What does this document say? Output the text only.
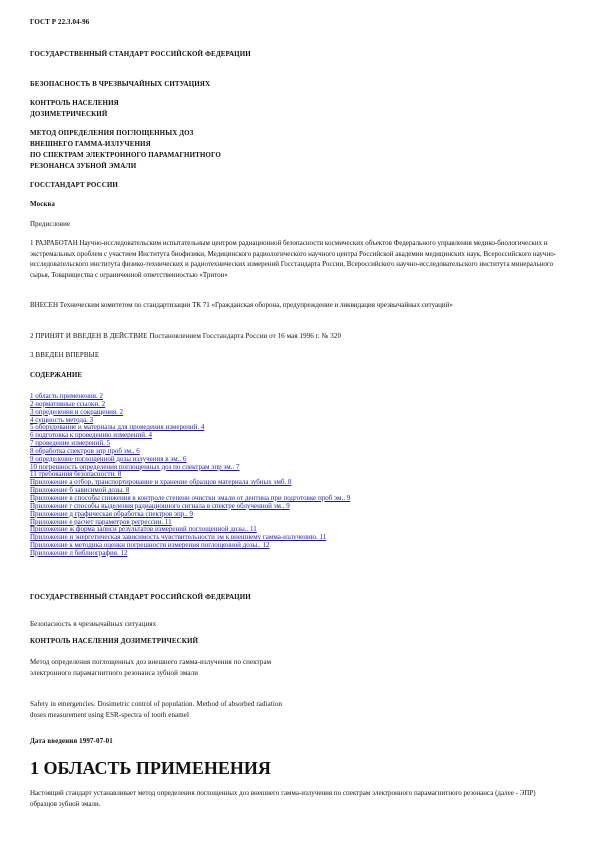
ГОСТ Р 22.3.04-96
ГОСУДАРСТВЕННЫЙ СТАНДАРТ РОССИЙСКОЙ ФЕДЕРАЦИИ
БЕЗОПАСНОСТЬ В ЧРЕЗВЫЧАЙНЫХ СИТУАЦИЯХ
КОНТРОЛЬ НАСЕЛЕНИЯ
ДОЗИМЕТРИЧЕСКИЙ
МЕТОД ОПРЕДЕЛЕНИЯ ПОГЛОЩЕННЫХ ДОЗ
ВНЕШНЕГО ГАММА-ИЗЛУЧЕНИЯ
ПО СПЕКТРАМ ЭЛЕКТРОННОГО ПАРАМАГНИТНОГО
РЕЗОНАНСА ЗУБНОЙ ЭМАЛИ
ГОССТАНДАРТ РОССИИ
Москва
Предисловие
1 РАЗРАБОТАН Научно-исследовательским испытательным центром радиационной безопасности космических объектов Федерального управления медико-биологических и экстремальных проблем с участием Института биофизики, Медицинского радиологического научного центра Российской академии медицинских наук, Всероссийского научно-исследовательского института физико-технических и радиотехнических измерений Госстандарта России, Всероссийского научно-исследовательского института минерального сырья, Товарищества с ограниченной ответственностью «Тритон»
ВНЕСЕН Техническим комитетом по стандартизации ТК 71 «Гражданская оборона, предупреждение и ликвидация чрезвычайных ситуаций»
2 ПРИНЯТ И ВВЕДЕН В ДЕЙСТВИЕ Постановлением Госстандарта России от 16 мая 1996 г. № 320
3 ВВЕДЕН ВПЕРВЫЕ
СОДЕРЖАНИЕ
1 область применения. 2
2 нормативные ссылки. 2
3 определения и сокращения. 2
4 сущность метода. 3
5 оборудование и материалы для проведения измерений. 4
6 подготовка к проведению измерений. 4
7 проведение измерений. 5
8 обработка спектров эпр проб эм.. 6
9 определение поглощенной дозы излучения в эм.. 6
10 погрешность определения поглощенных доз по спектрам эпр эм.. 7
11 требования безопасности. 8
Приложение а отбор, транспортирование и хранение образцов материала зубных эмб. 8
Приложение б зависимой дозы. 8
Приложение в способы снижения в контроле степени очистки эмали от дентина при подготовке проб эм.. 9
Приложение г способы выделения радиационного сигнала в спектре облученной эм.. 9
Приложение д графическая обработка спектров эпр.. 9
Приложение е расчет параметров регрессии. 11
Приложение ж форма записи результатов измерений поглощенной дозы.. 11
Приложение и энергетическая зависимость чувствительности эм к внешнему гамма-излучению. 11
Приложение к методика оценки погрешности измерения поглощенной дозы.. 12
Приложение л библиография. 12
ГОСУДАРСТВЕННЫЙ СТАНДАРТ РОССИЙСКОЙ ФЕДЕРАЦИИ
Безопасность в чрезвычайных ситуациях
КОНТРОЛЬ НАСЕЛЕНИЯ ДОЗИМЕТРИЧЕСКИЙ
Метод определения поглощенных доз внешнего гамма-излучения по спектрам
электронного парамагнитного резонанса зубной эмали
Safety in emergencies. Dosimetric control of population. Method of absorbed radiation
doses measurement using ESR-spectra of tooth enamel
Дата введения 1997-07-01
1 ОБЛАСТЬ ПРИМЕНЕНИЯ
Настоящий стандарт устанавливает метод определения поглощенных доз внешнего гамма-излучения по спектрам электронного парамагнитного резонанса (далее - ЭПР) образцов зубной эмали.
